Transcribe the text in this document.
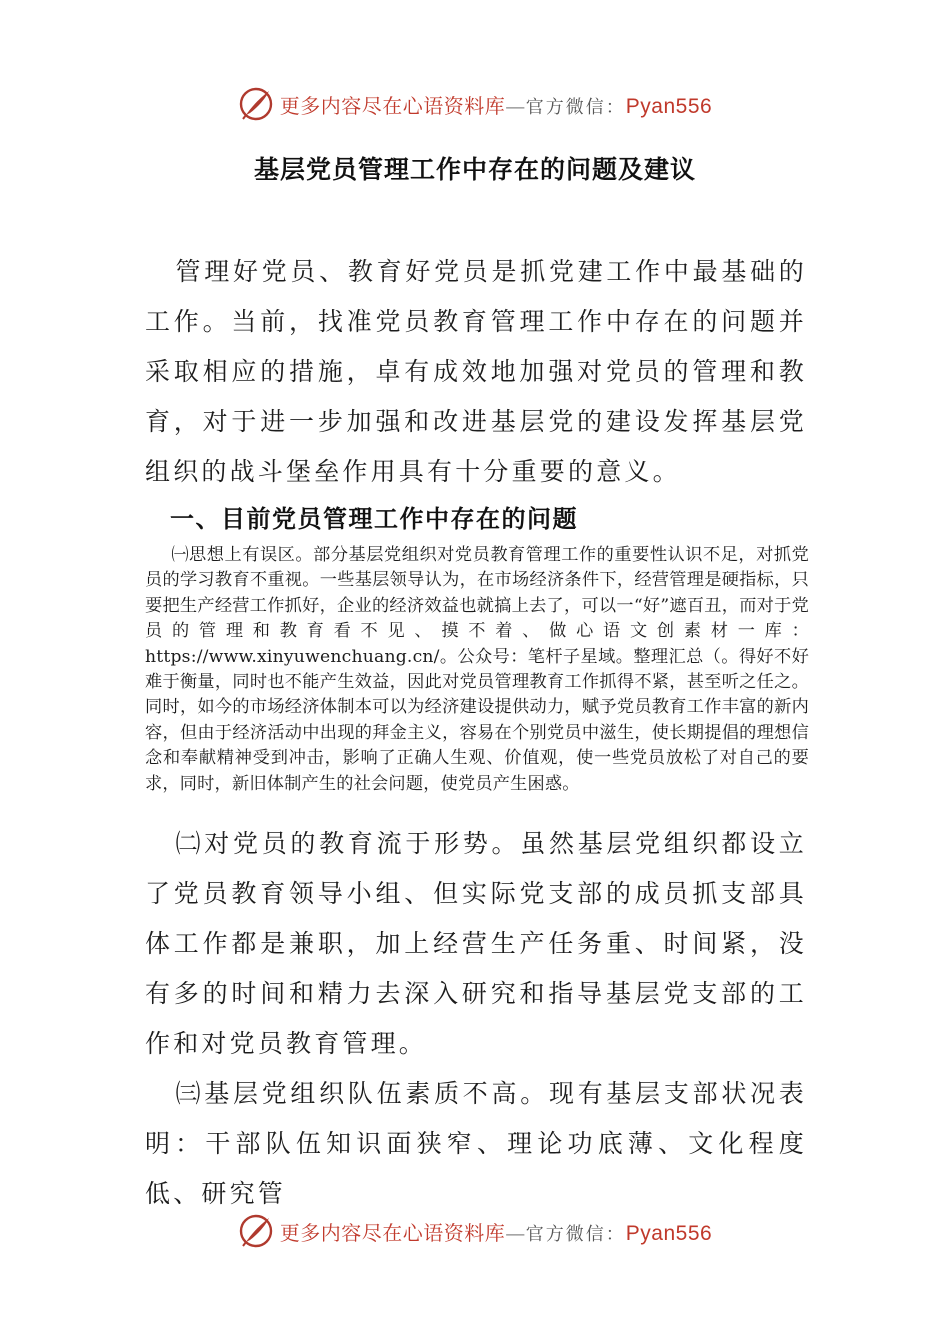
更多内容尽在心语资料库—官方微信：Pyan556
基层党员管理工作中存在的问题及建议
管理好党员、教育好党员是抓党建工作中最基础的工作。当前，找准党员教育管理工作中存在的问题并采取相应的措施，卓有成效地加强对党员的管理和教育，对于进一步加强和改进基层党的建设发挥基层党组织的战斗堡垒作用具有十分重要的意义。
一、目前党员管理工作中存在的问题
㈠思想上有误区。部分基层党组织对党员教育管理工作的重要性认识不足，对抓党员的学习教育不重视。一些基层领导认为，在市场经济条件下，经营管理是硬指标，只要把生产经营工作抓好，企业的经济效益也就搞上去了，可以一“好”遮百丑，而对于党员的管理和教育看不见、摸不着、做心语文创素材一库：https://www.xinyuwenchuang.cn/。公众号：笔杆子星域。整理汇总（。得好不好难于衡量，同时也不能产生效益，因此对党员管理教育工作抓得不紧，甚至听之任之。同时，如今的市场经济体制本可以为经济建设提供动力，赋予党员教育工作丰富的新内容，但由于经济活动中出现的拜金主义，容易在个别党员中滋生，使长期提倡的理想信念和奉献精神受到冲击，影响了正确人生观、价值观，使一些党员放松了对自己的要求，同时，新旧体制产生的社会问题，使党员产生困惑。
㈡对党员的教育流于形势。虽然基层党组织都设立了党员教育领导小组、但实际党支部的成员抓支部具体工作都是兼职，加上经营生产任务重、时间紧，没有多的时间和精力去深入研究和指导基层党支部的工作和对党员教育管理。
㈢基层党组织队伍素质不高。现有基层支部状况表明：干部队伍知识面狭窄、理论功底薄、文化程度低、研究管
更多内容尽在心语资料库—官方微信：Pyan556
